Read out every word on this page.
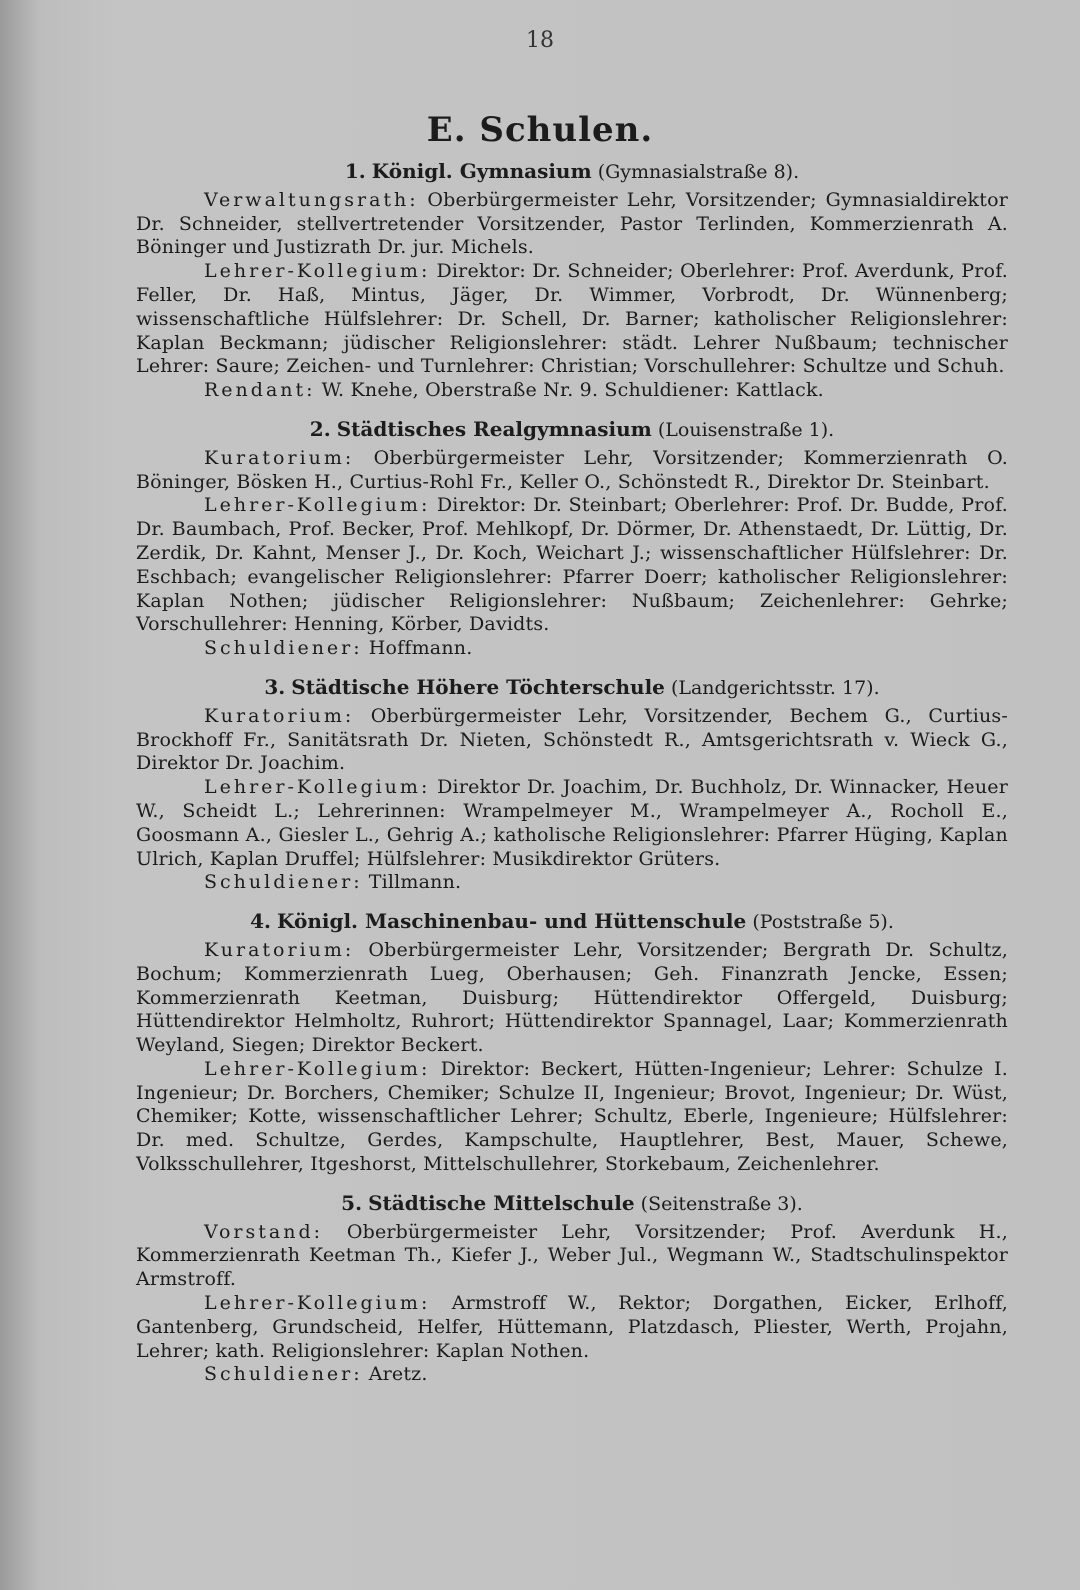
18
E. Schulen.
1. Königl. Gymnasium (Gymnasialstraße 8).

Verwaltungsrath: Oberbürgermeister Lehr, Vorsitzender; Gymnasialdirektor Dr. Schneider, stellvertretender Vorsitzender, Pastor Terlinden, Kommerzienrath A. Böninger und Justizrath Dr. jur. Michels.

Lehrer-Kollegium: Direktor: Dr. Schneider; Oberlehrer: Prof. Averdunk, Prof. Feller, Dr. Haß, Mintus, Jäger, Dr. Wimmer, Vorbrodt, Dr. Wünnenberg; wissenschaftliche Hülfslehrer: Dr. Schell, Dr. Barner; katholischer Religionslehrer: Kaplan Beckmann; jüdischer Religionslehrer: städt. Lehrer Nußbaum; technischer Lehrer: Saure; Zeichen- und Turnlehrer: Christian; Vorschullehrer: Schultze und Schuh.

Rendant: W. Knehe, Oberstraße Nr. 9. Schuldiener: Kattlack.

2. Städtisches Realgymnasium (Louisenstraße 1).

Kuratorium: Oberbürgermeister Lehr, Vorsitzender; Kommerzienrath O. Böninger, Bösken H., Curtius-Rohl Fr., Keller O., Schönstedt R., Direktor Dr. Steinbart.

Lehrer-Kollegium: Direktor: Dr. Steinbart; Oberlehrer: Prof. Dr. Budde, Prof. Dr. Baumbach, Prof. Becker, Prof. Mehlkopf, Dr. Dörmer, Dr. Athenstaedt, Dr. Lüttig, Dr. Zerdik, Dr. Kahnt, Menser J., Dr. Koch, Weichart J.; wissenschaftlicher Hülfslehrer: Dr. Eschbach; evangelischer Religionslehrer: Pfarrer Doerr; katholischer Religionslehrer: Kaplan Nothen; jüdischer Religionslehrer: Nußbaum; Zeichenlehrer: Gehrke; Vorschullehrer: Henning, Körber, Davidts.

Schuldiener: Hoffmann.

3. Städtische Höhere Töchterschule (Landgerichtsstr. 17).

Kuratorium: Oberbürgermeister Lehr, Vorsitzender, Bechem G., Curtius-Brockhoff Fr., Sanitätsrath Dr. Nieten, Schönstedt R., Amtsgerichtsrath v. Wieck G., Direktor Dr. Joachim.

Lehrer-Kollegium: Direktor Dr. Joachim, Dr. Buchholz, Dr. Winnacker, Heuer W., Scheidt L.; Lehrerinnen: Wrampelmeyer M., Wrampelmeyer A., Rocholl E., Goosmann A., Giesler L., Gehrig A.; katholische Religionslehrer: Pfarrer Hüging, Kaplan Ulrich, Kaplan Druffel; Hülfslehrer: Musikdirektor Grüters.

Schuldiener: Tillmann.

4. Königl. Maschinenbau- und Hüttenschule (Poststraße 5).

Kuratorium: Oberbürgermeister Lehr, Vorsitzender; Bergrath Dr. Schultz, Bochum; Kommerzienrath Lueg, Oberhausen; Geh. Finanzrath Jencke, Essen; Kommerzienrath Keetman, Duisburg; Hüttendirektor Offergeld, Duisburg; Hüttendirektor Helmholtz, Ruhrort; Hüttendirektor Spannagel, Laar; Kommerzienrath Weyland, Siegen; Direktor Beckert.

Lehrer-Kollegium: Direktor: Beckert, Hütten-Ingenieur; Lehrer: Schulze I. Ingenieur; Dr. Borchers, Chemiker; Schulze II, Ingenieur; Brovot, Ingenieur; Dr. Wüst, Chemiker; Kotte, wissenschaftlicher Lehrer; Schultz, Eberle, Ingenieure; Hülfslehrer: Dr. med. Schultze, Gerdes, Kampschulte, Hauptlehrer, Best, Mauer, Schewe, Volksschullehrer, Itgeshorst, Mittelschullehrer, Storkebaum, Zeichenlehrer.

5. Städtische Mittelschule (Seitenstraße 3).

Vorstand: Oberbürgermeister Lehr, Vorsitzender; Prof. Averdunk H., Kommerzienrath Keetman Th., Kiefer J., Weber Jul., Wegmann W., Stadtschulinspektor Armstroff.

Lehrer-Kollegium: Armstroff W., Rektor; Dorgathen, Eicker, Erlhoff, Gantenberg, Grundscheid, Helfer, Hüttemann, Platzdasch, Pliester, Werth, Projahn, Lehrer; kath. Religionslehrer: Kaplan Nothen.

Schuldiener: Aretz.
